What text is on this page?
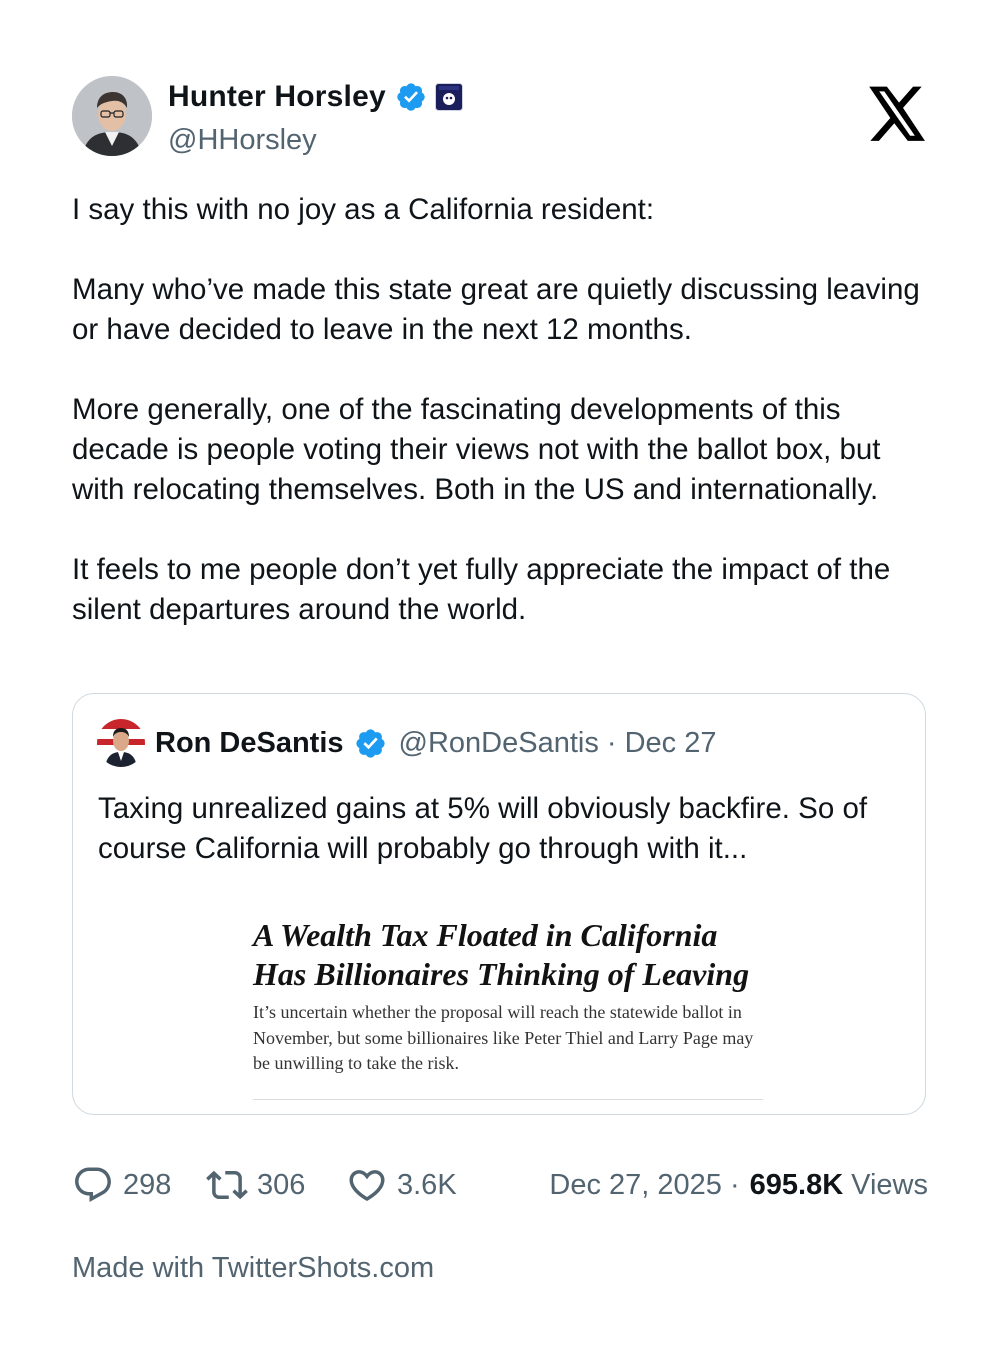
Hunter Horsley
@HHorsley

I say this with no joy as a California resident:

Many who’ve made this state great are quietly discussing leaving or have decided to leave in the next 12 months.

More generally, one of the fascinating developments of this decade is people voting their views not with the ballot box, but with relocating themselves. Both in the US and internationally.

It feels to me people don’t yet fully appreciate the impact of the silent departures around the world.

Ron DeSantis @RonDeSantis · Dec 27
Taxing unrealized gains at 5% will obviously backfire. So of course California will probably go through with it...

A Wealth Tax Floated in California

Has Billionaires Thinking of Leaving

It’s uncertain whether the proposal will reach the statewide ballot in November, but some billionaires like Peter Thiel and Larry Page may be unwilling to take the risk.

298	306	3.6K	Dec 27, 2025 · 695.8K Views
Made with TwitterShots.com
